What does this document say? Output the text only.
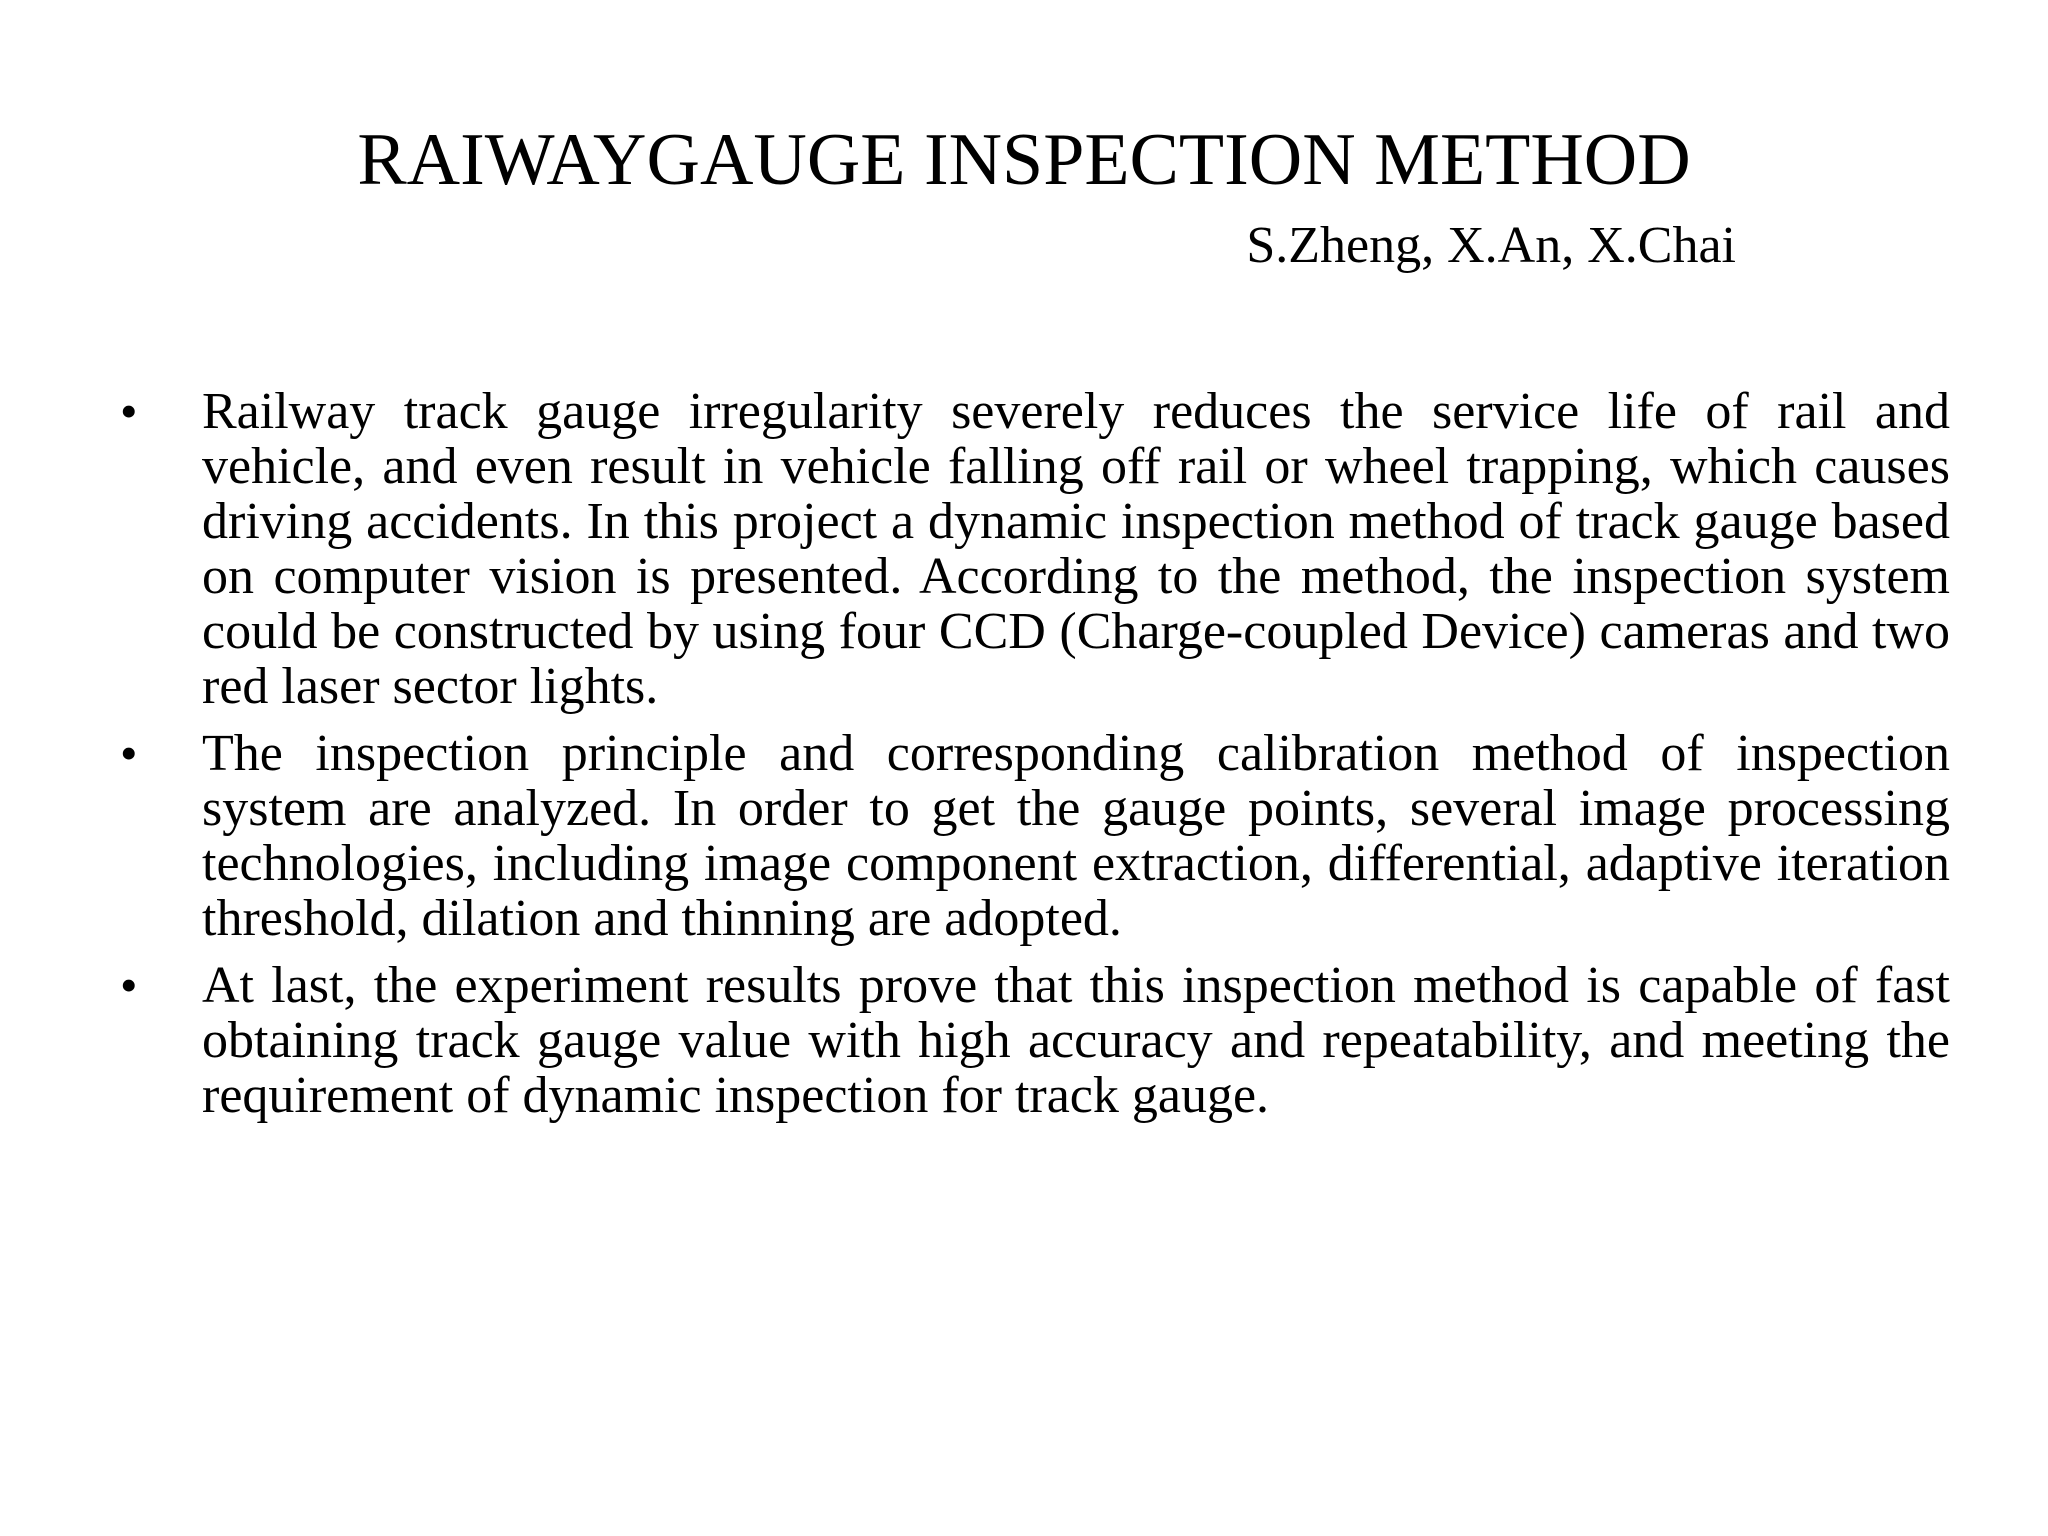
RAIWAYGAUGE INSPECTION METHOD
S.Zheng, X.An, X.Chai
• Railway track gauge irregularity severely reduces the service life of rail and vehicle, and even result in vehicle falling off rail or wheel trapping, which causes driving accidents. In this project a dynamic inspection method of track gauge based on computer vision is presented. According to the method, the inspection system could be constructed by using four CCD (Charge-coupled Device) cameras and two red laser sector lights.
• The inspection principle and corresponding calibration method of inspection system are analyzed. In order to get the gauge points, several image processing technologies, including image component extraction, differential, adaptive iteration threshold, dilation and thinning are adopted.
• At last, the experiment results prove that this inspection method is capable of fast obtaining track gauge value with high accuracy and repeatability, and meeting the requirement of dynamic inspection for track gauge.
